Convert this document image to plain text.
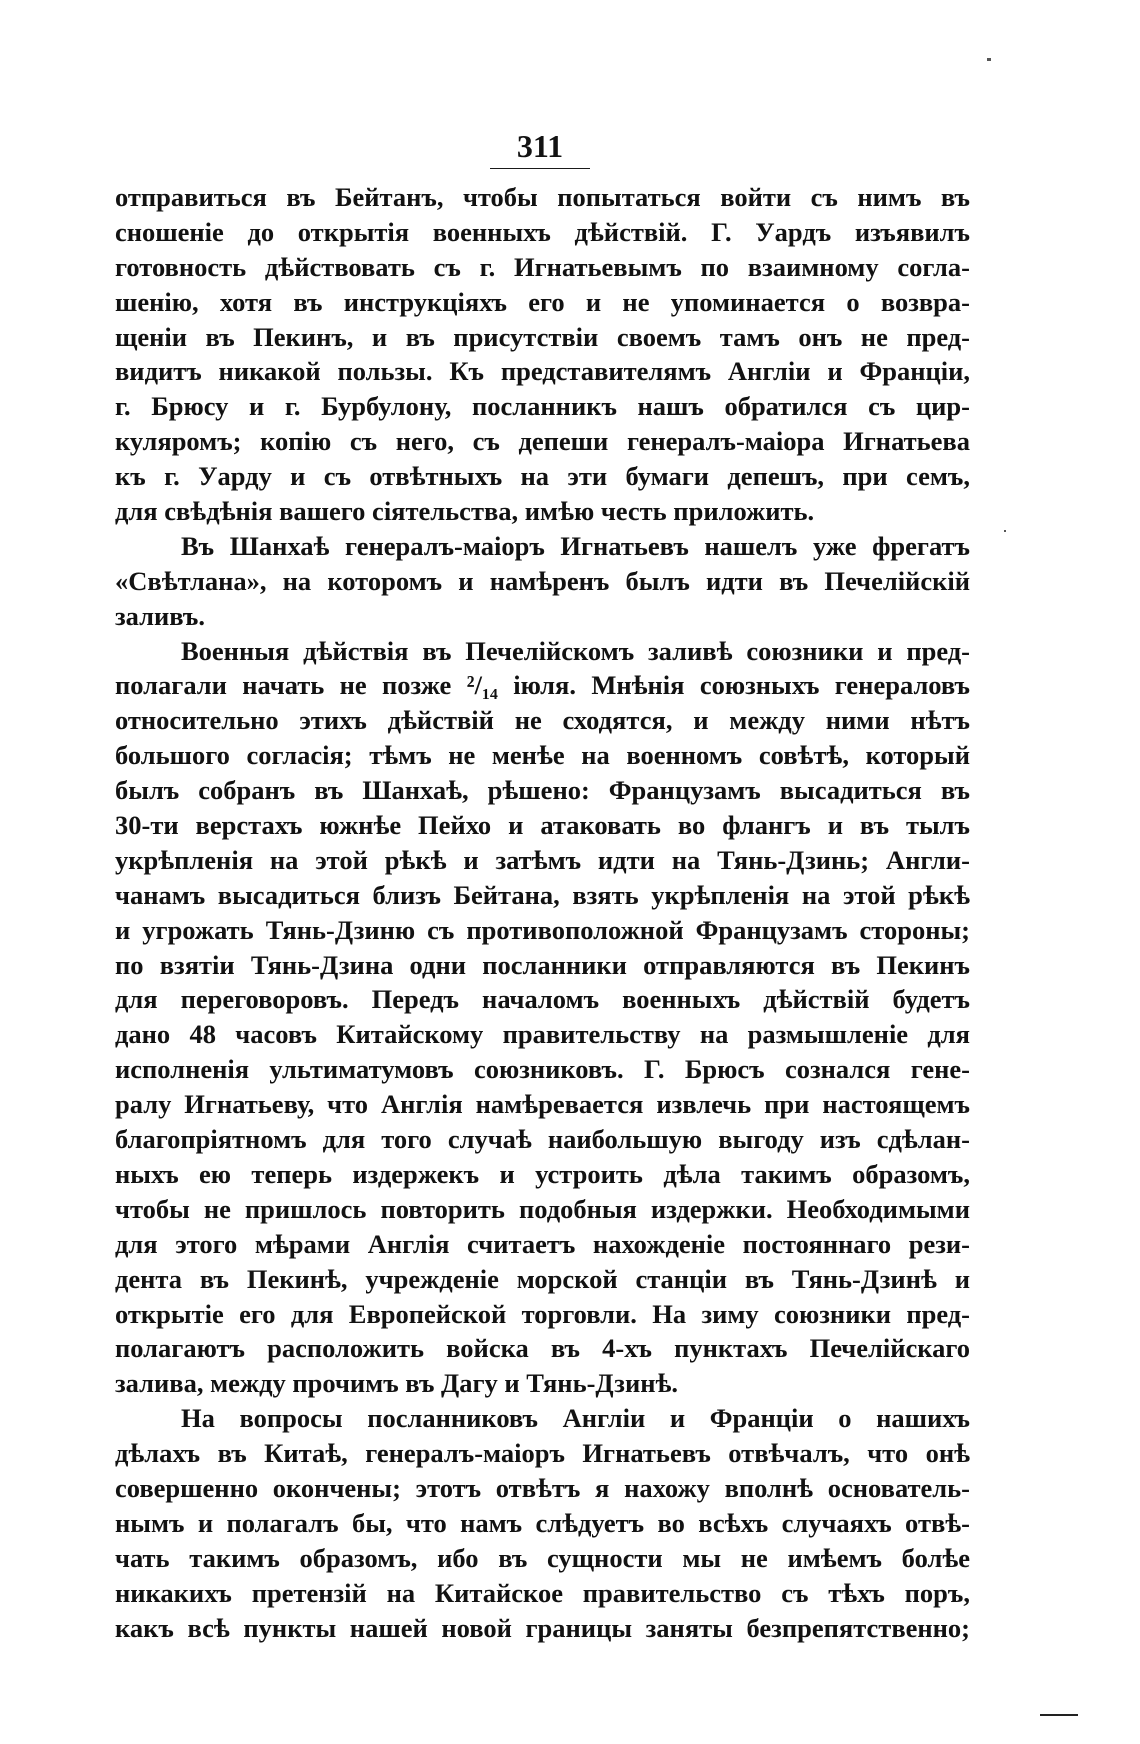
311
отправиться въ Бейтанъ, чтобы попытаться войти съ нимъ въ
сношеніе до открытія военныхъ дѣйствій. Г. Уардъ изъявилъ
готовность дѣйствовать съ г. Игнатьевымъ по взаимному согла-
шенію, хотя въ инструкціяхъ его и не упоминается о возвра-
щеніи въ Пекинъ, и въ присутствіи своемъ тамъ онъ не пред-
видитъ никакой пользы. Къ представителямъ Англіи и Франціи,
г. Брюсу и г. Бурбулону, посланникъ нашъ обратился съ цир-
куляромъ; копію съ него, съ депеши генералъ-маіора Игнатьева
къ г. Уарду и съ отвѣтныхъ на эти бумаги депешъ, при семъ,
для свѣдѣнія вашего сіятельства, имѣю честь приложить.
Въ Шанхаѣ генералъ-маіоръ Игнатьевъ нашелъ уже фрегатъ
«Свѣтлана», на которомъ и намѣренъ былъ идти въ Печелійскій
заливъ.
Военныя дѣйствія въ Печелійскомъ заливѣ союзники и пред-
полагали начать не позже ²/₁₄ іюля. Мнѣнія союзныхъ генераловъ
относительно этихъ дѣйствій не сходятся, и между ними нѣтъ
большого согласія; тѣмъ не менѣе на военномъ совѣтѣ, который
былъ собранъ въ Шанхаѣ, рѣшено: Французамъ высадиться въ
30-ти верстахъ южнѣе Пейхо и атаковать во флангъ и въ тылъ
укрѣпленія на этой рѣкѣ и затѣмъ идти на Тянь-Дзинь; Англи-
чанамъ высадиться близъ Бейтана, взять укрѣпленія на этой рѣкѣ
и угрожать Тянь-Дзиню съ противоположной Французамъ стороны;
по взятіи Тянь-Дзина одни посланники отправляются въ Пекинъ
для переговоровъ. Передъ началомъ военныхъ дѣйствій будетъ
дано 48 часовъ Китайскому правительству на размышленіе для
исполненія ультиматумовъ союзниковъ. Г. Брюсъ сознался гене-
ралу Игнатьеву, что Англія намѣревается извлечь при настоящемъ
благопріятномъ для того случаѣ наибольшую выгоду изъ сдѣлан-
ныхъ ею теперь издержекъ и устроить дѣла такимъ образомъ,
чтобы не пришлось повторить подобныя издержки. Необходимыми
для этого мѣрами Англія считаетъ нахожденіе постояннаго рези-
дента въ Пекинѣ, учрежденіе морской станціи въ Тянь-Дзинѣ и
открытіе его для Европейской торговли. На зиму союзники пред-
полагаютъ расположить войска въ 4-хъ пунктахъ Печелійскаго
залива, между прочимъ въ Дагу и Тянь-Дзинѣ.
На вопросы посланниковъ Англіи и Франціи о нашихъ
дѣлахъ въ Китаѣ, генералъ-маіоръ Игнатьевъ отвѣчалъ, что онѣ
совершенно окончены; этотъ отвѣтъ я нахожу вполнѣ основатель-
нымъ и полагалъ бы, что намъ слѣдуетъ во всѣхъ случаяхъ отвѣ-
чать такимъ образомъ, ибо въ сущности мы не имѣемъ болѣе
никакихъ претензій на Китайское правительство съ тѣхъ поръ,
какъ всѣ пункты нашей новой границы заняты безпрепятственно;
